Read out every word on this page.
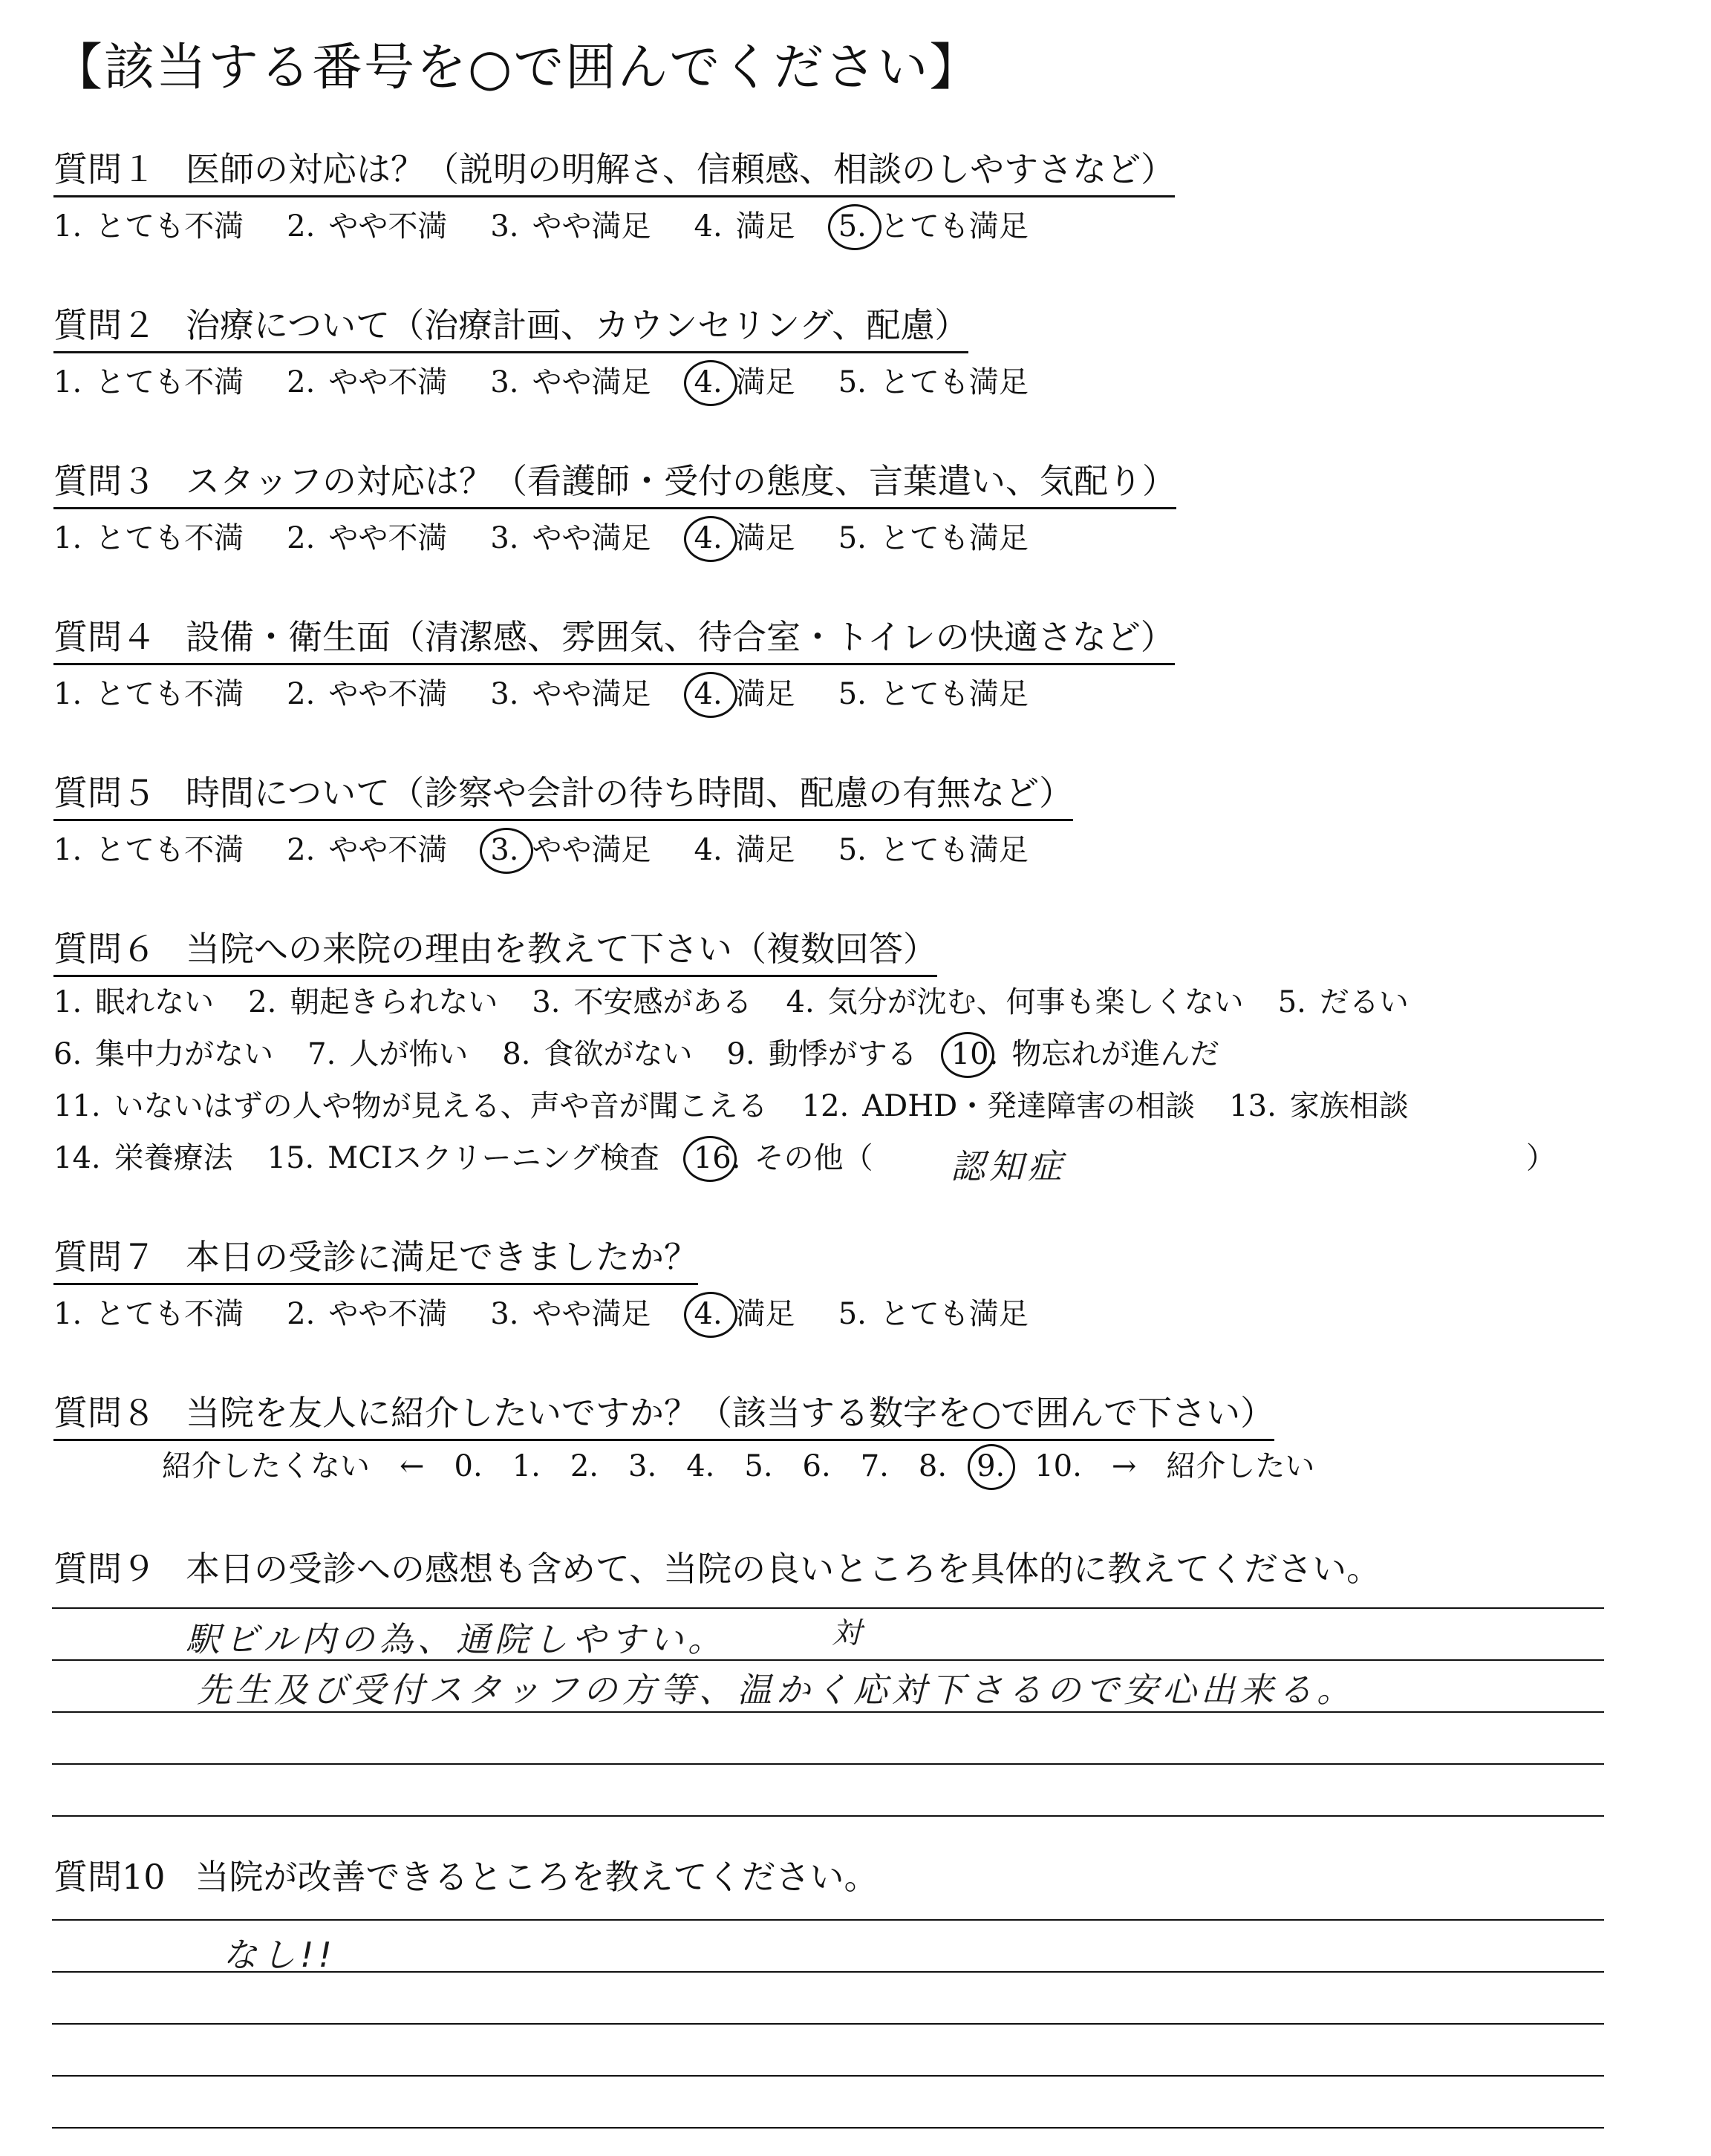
【該当する番号を○で囲んでください】
質問１ 医師の対応は？（説明の明解さ、信頼感、相談のしやすさなど）
1. とても不満 2. やや不満 3. やや満足 4. 満足 5. とても満足
質問２ 治療について（治療計画、カウンセリング、配慮）
1. とても不満 2. やや不満 3. やや満足 4. 満足 5. とても満足
質問３ スタッフの対応は？（看護師・受付の態度、言葉遣い、気配り）
1. とても不満 2. やや不満 3. やや満足 4. 満足 5. とても満足
質問４ 設備・衛生面（清潔感、雰囲気、待合室・トイレの快適さなど）
1. とても不満 2. やや不満 3. やや満足 4. 満足 5. とても満足
質問５ 時間について（診察や会計の待ち時間、配慮の有無など）
1. とても不満 2. やや不満 3. やや満足 4. 満足 5. とても満足
質問６ 当院への来院の理由を教えて下さい（複数回答）
1. 眠れない 2. 朝起きられない 3. 不安感がある 4. 気分が沈む、何事も楽しくない 5. だるい
6. 集中力がない 7. 人が怖い 8. 食欲がない 9. 動悸がする 10. 物忘れが進んだ
11. いないはずの人や物が見える、声や音が聞こえる 12. ADHD・発達障害の相談 13. 家族相談
14. 栄養療法 15. MCIスクリーニング検査 16. その他（	認知症	）
質問７ 本日の受診に満足できましたか？
1. とても不満 2. やや不満 3. やや満足 4. 満足 5. とても満足
質問８ 当院を友人に紹介したいですか？（該当する数字を○で囲んで下さい）
紹介したくない ← 0. 1. 2. 3. 4. 5. 6. 7. 8. 9. 10. → 紹介したい
質問９ 本日の受診への感想も含めて、当院の良いところを具体的に教えてください。
駅ビル内の為、通院しやすい。	対
先生及び受付スタッフの方等、温かく応対下さるので安心出来る。
質問10 当院が改善できるところを教えてください。
なし!!
